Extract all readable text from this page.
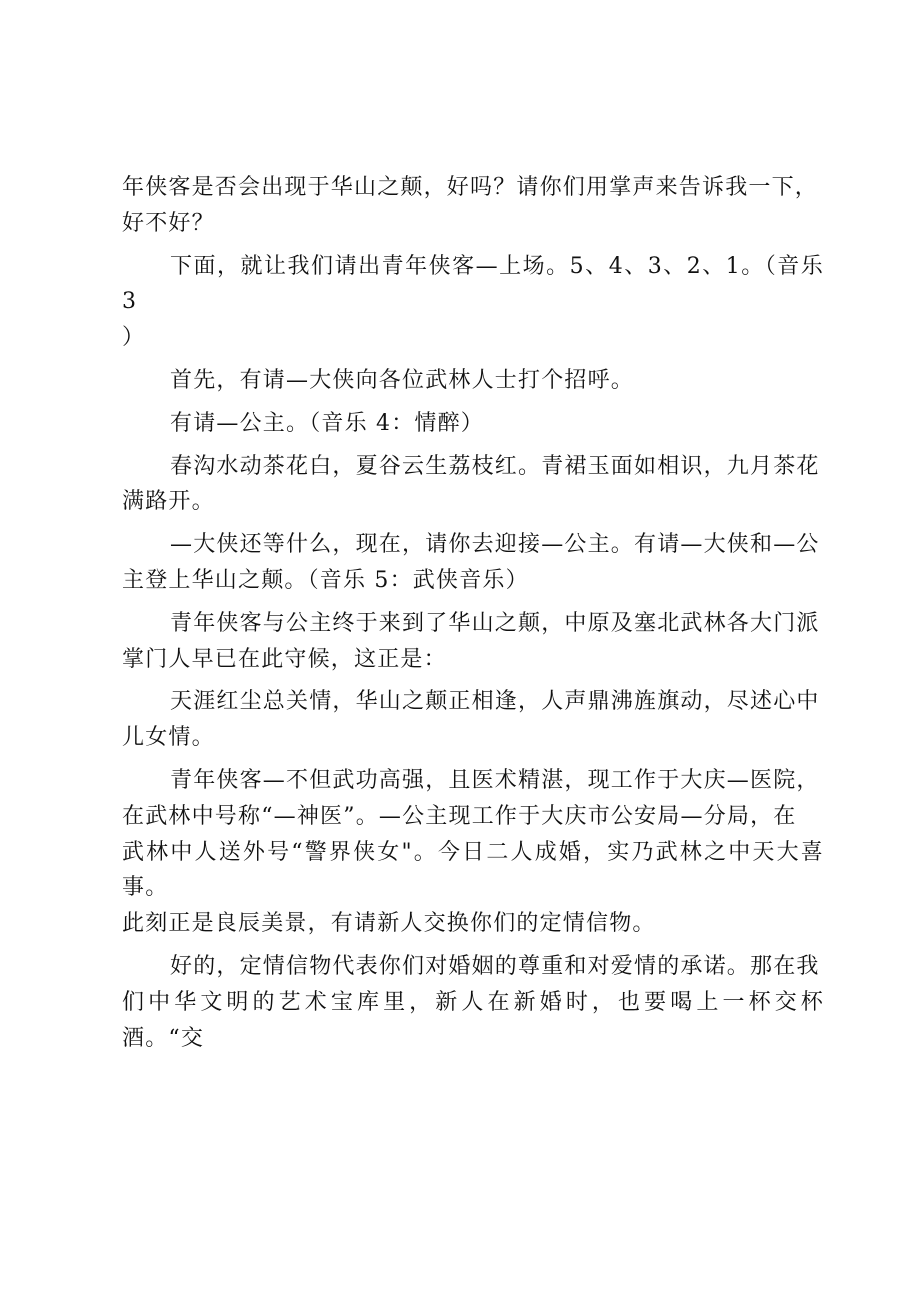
年侠客是否会出现于华山之颠，好吗？请你们用掌声来告诉我一下，
好不好？

下面，就让我们请出青年侠客—上场。5、4、3、2、1。（音乐 3
）

首先，有请—大侠向各位武林人士打个招呼。

有请—公主。（音乐 4：情醉）

春沟水动茶花白，夏谷云生荔枝红。青裙玉面如相识，九月茶花
满路开。

—大侠还等什么，现在，请你去迎接—公主。有请—大侠和—公
主登上华山之颠。（音乐 5：武侠音乐）

青年侠客与公主终于来到了华山之颠，中原及塞北武林各大门派
掌门人早已在此守候，这正是：

天涯红尘总关情，华山之颠正相逢，人声鼎沸旌旗动，尽述心中
儿女情。

青年侠客—不但武功高强，且医术精湛，现工作于大庆—医院，
在武林中号称“—神医”。—公主现工作于大庆市公安局—分局，在
武林中人送外号“警界侠女"。今日二人成婚，实乃武林之中天大喜事。
此刻正是良辰美景，有请新人交换你们的定情信物。

好的，定情信物代表你们对婚姻的尊重和对爱情的承诺。那在我
们中华文明的艺术宝库里，新人在新婚时，也要喝上一杯交杯酒。“交
